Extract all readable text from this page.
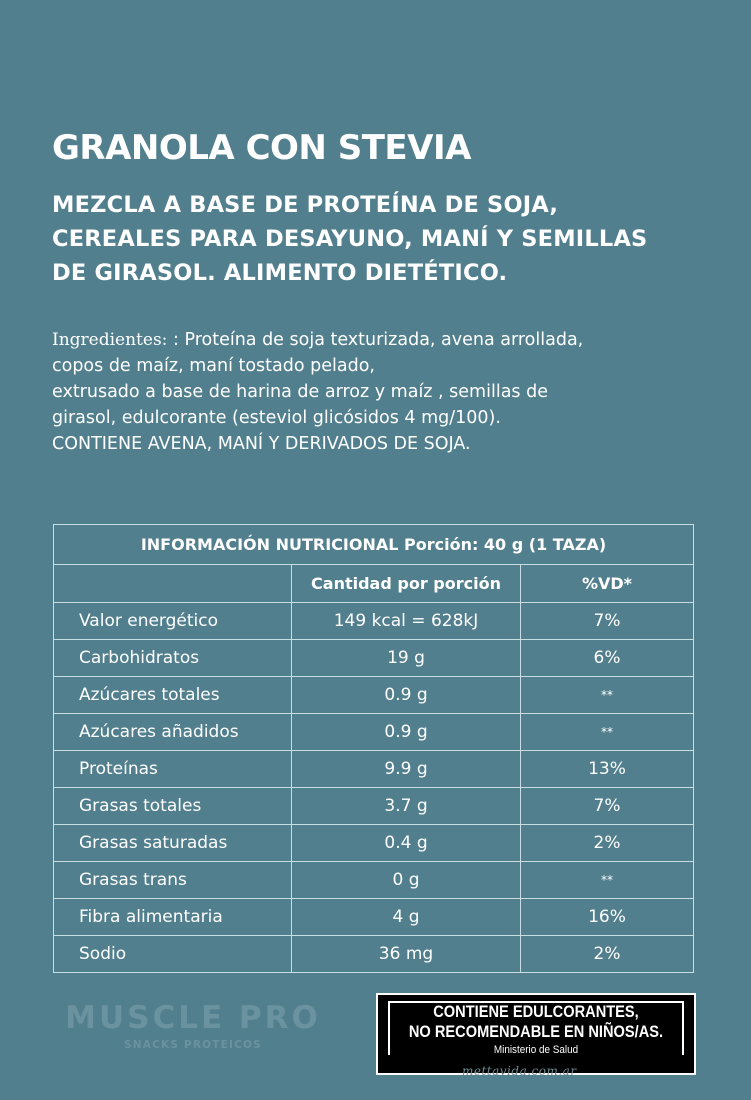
GRANOLA CON STEVIA
MEZCLA A BASE DE PROTEÍNA DE SOJA,
CEREALES PARA DESAYUNO, MANÍ Y SEMILLAS
DE GIRASOL. ALIMENTO DIETÉTICO.
Ingredientes: : Proteína de soja texturizada, avena arrollada,
copos de maíz, maní tostado pelado,
extrusado a base de harina de arroz y maíz , semillas de
girasol, edulcorante (esteviol glicósidos 4 mg/100).
CONTIENE AVENA, MANÍ Y DERIVADOS DE SOJA.
INFORMACIÓN NUTRICIONAL Porción: 40 g (1 TAZA)		
	Cantidad por porción	%VD*
Valor energético	149 kcal = 628kJ	7%
Carbohidratos	19 g	6%
Azúcares totales	0.9 g	**
Azúcares añadidos	0.9 g	**
Proteínas	9.9 g	13%
Grasas totales	3.7 g	7%
Grasas saturadas	0.4 g	2%
Grasas trans	0 g	**
Fibra alimentaria	4 g	16%
Sodio	36 mg	2%
MUSCLE PRO
SNACKS PROTEICOS
CONTIENE EDULCORANTES,
NO RECOMENDABLE EN NIÑOS/AS.
Ministerio de Salud
mettavida.com.ar
